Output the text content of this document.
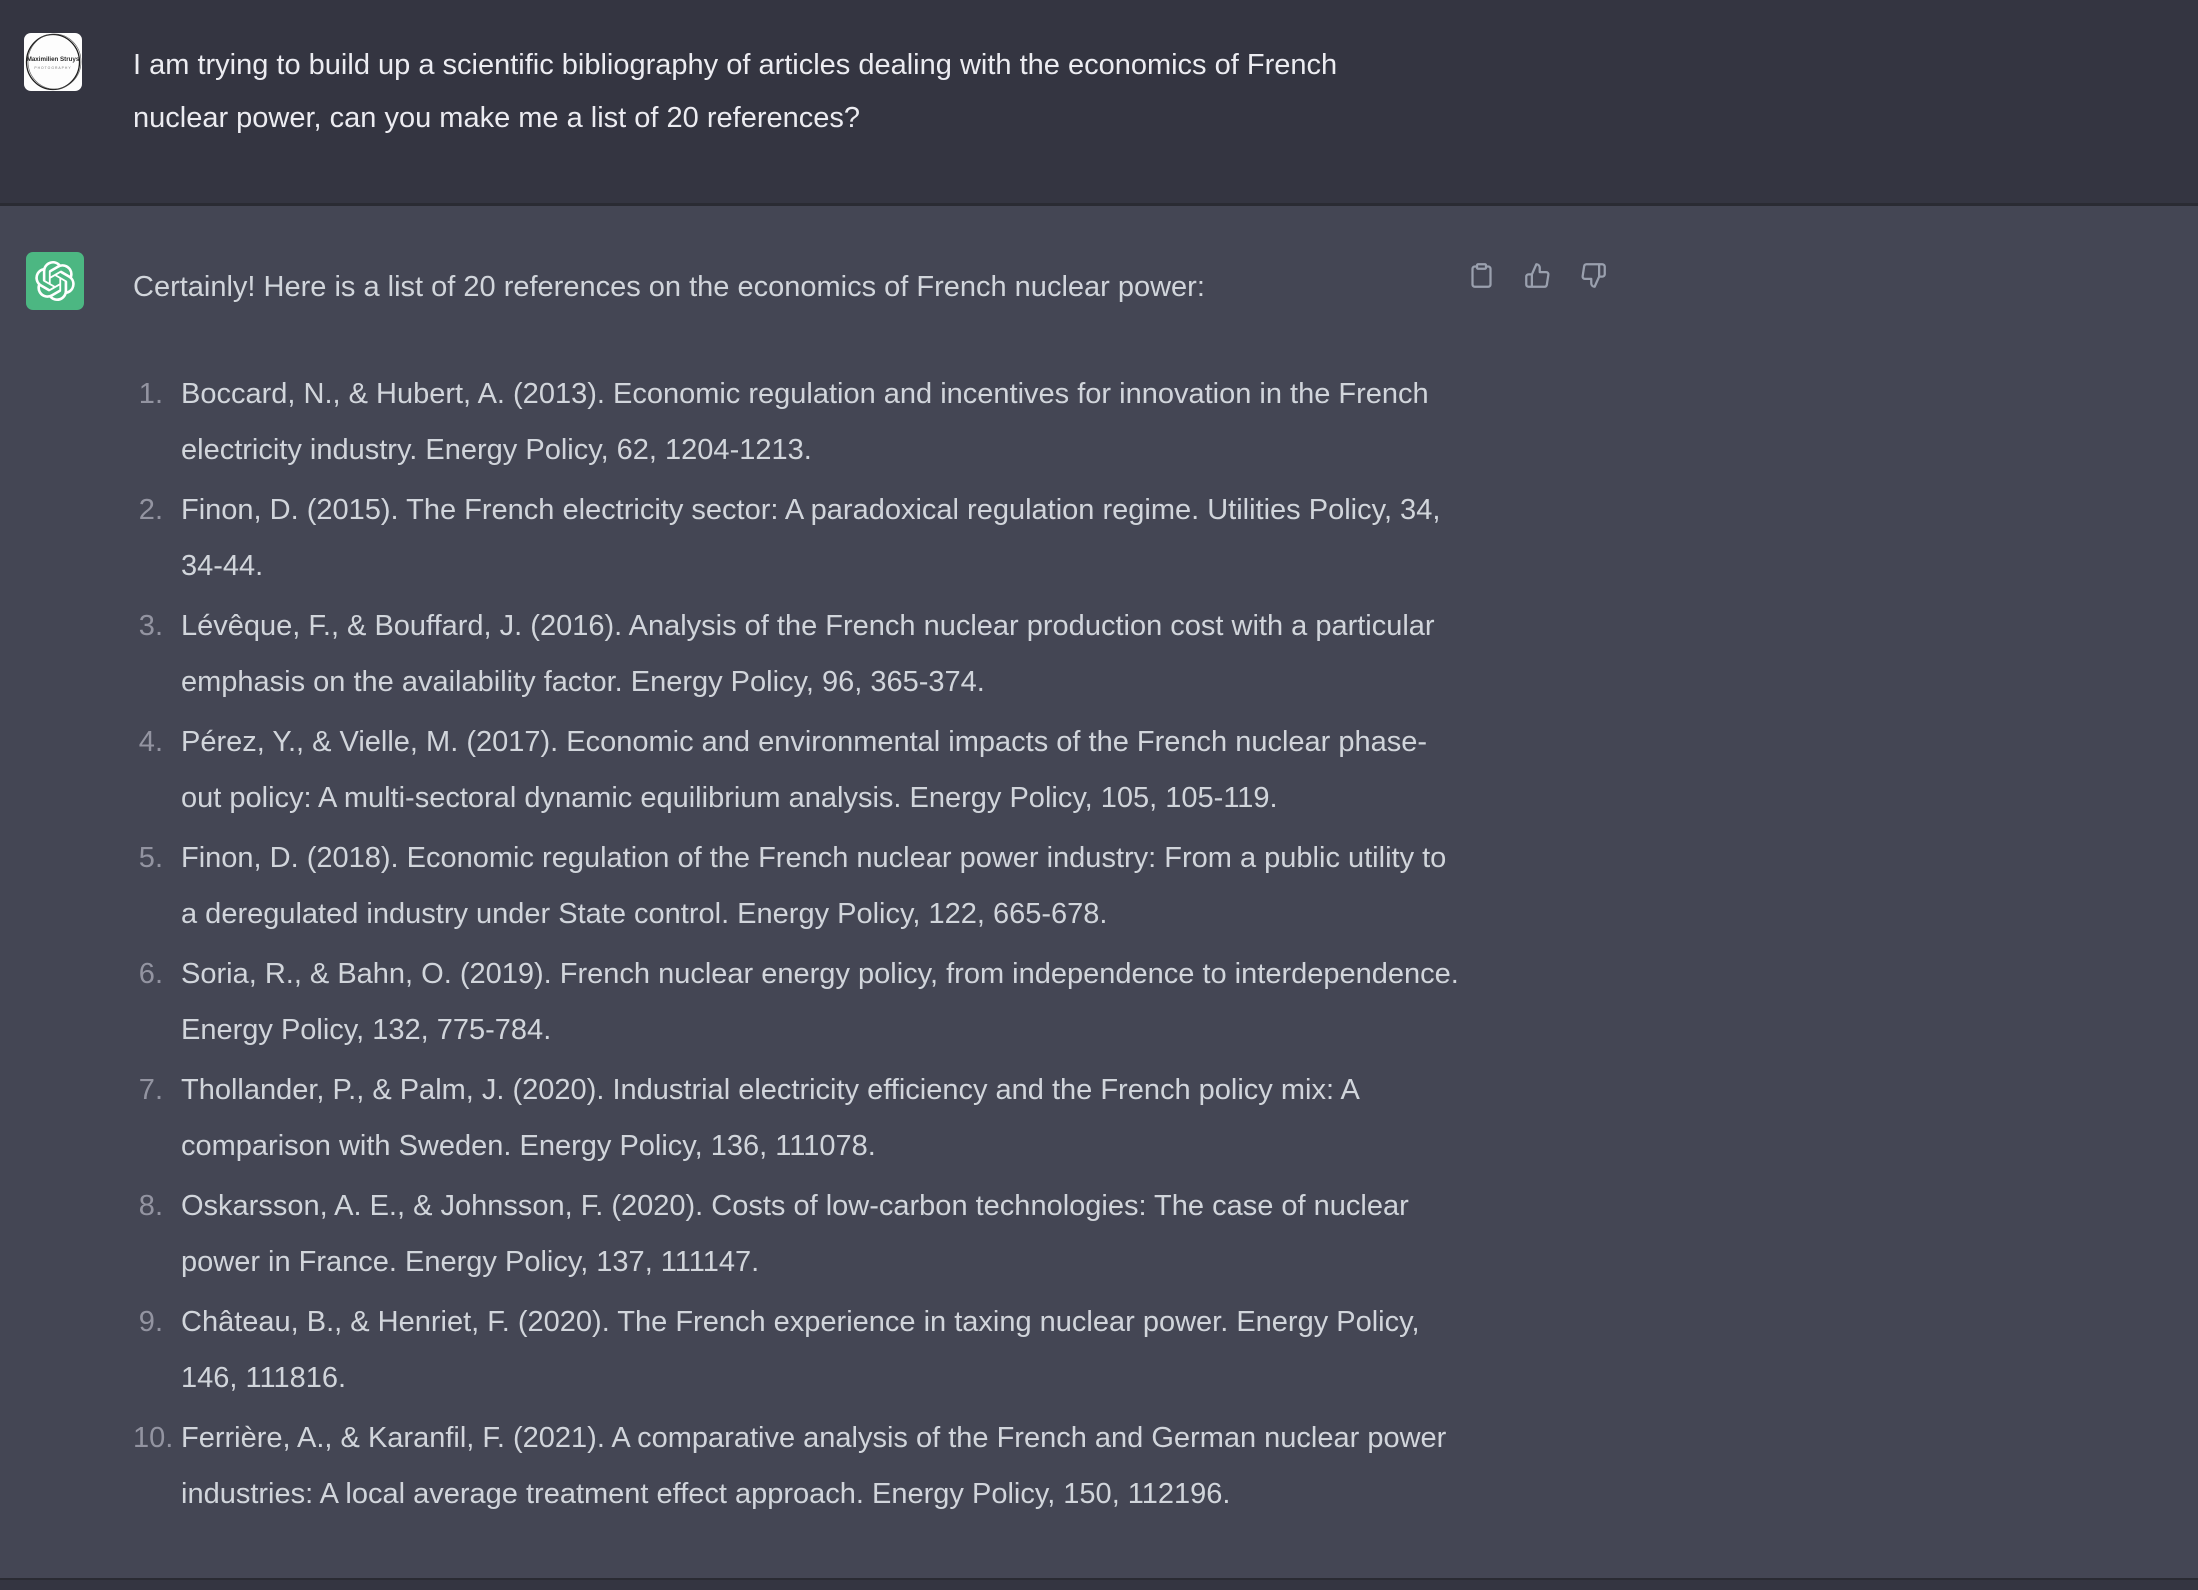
Maximilien Struys
PHOTOGRAPHY I am trying to build up a scientific bibliography of articles dealing with the economics of French nuclear power, can you make me a list of 20 references?

Certainly! Here is a list of 20 references on the economics of French nuclear power:

Boccard, N., & Hubert, A. (2013). Economic regulation and incentives for innovation in the French electricity industry. Energy Policy, 62, 1204-1213.
Finon, D. (2015). The French electricity sector: A paradoxical regulation regime. Utilities Policy, 34, 34-44.
Lévêque, F., & Bouffard, J. (2016). Analysis of the French nuclear production cost with a particular emphasis on the availability factor. Energy Policy, 96, 365-374.
Pérez, Y., & Vielle, M. (2017). Economic and environmental impacts of the French nuclear phase-out policy: A multi-sectoral dynamic equilibrium analysis. Energy Policy, 105, 105-119.
Finon, D. (2018). Economic regulation of the French nuclear power industry: From a public utility to a deregulated industry under State control. Energy Policy, 122, 665-678.
Soria, R., & Bahn, O. (2019). French nuclear energy policy, from independence to interdependence. Energy Policy, 132, 775-784.
Thollander, P., & Palm, J. (2020). Industrial electricity efficiency and the French policy mix: A comparison with Sweden. Energy Policy, 136, 111078.
Oskarsson, A. E., & Johnsson, F. (2020). Costs of low-carbon technologies: The case of nuclear power in France. Energy Policy, 137, 111147.
Château, B., & Henriet, F. (2020). The French experience in taxing nuclear power. Energy Policy, 146, 111816.
Ferrière, A., & Karanfil, F. (2021). A comparative analysis of the French and German nuclear power industries: A local average treatment effect approach. Energy Policy, 150, 112196.
